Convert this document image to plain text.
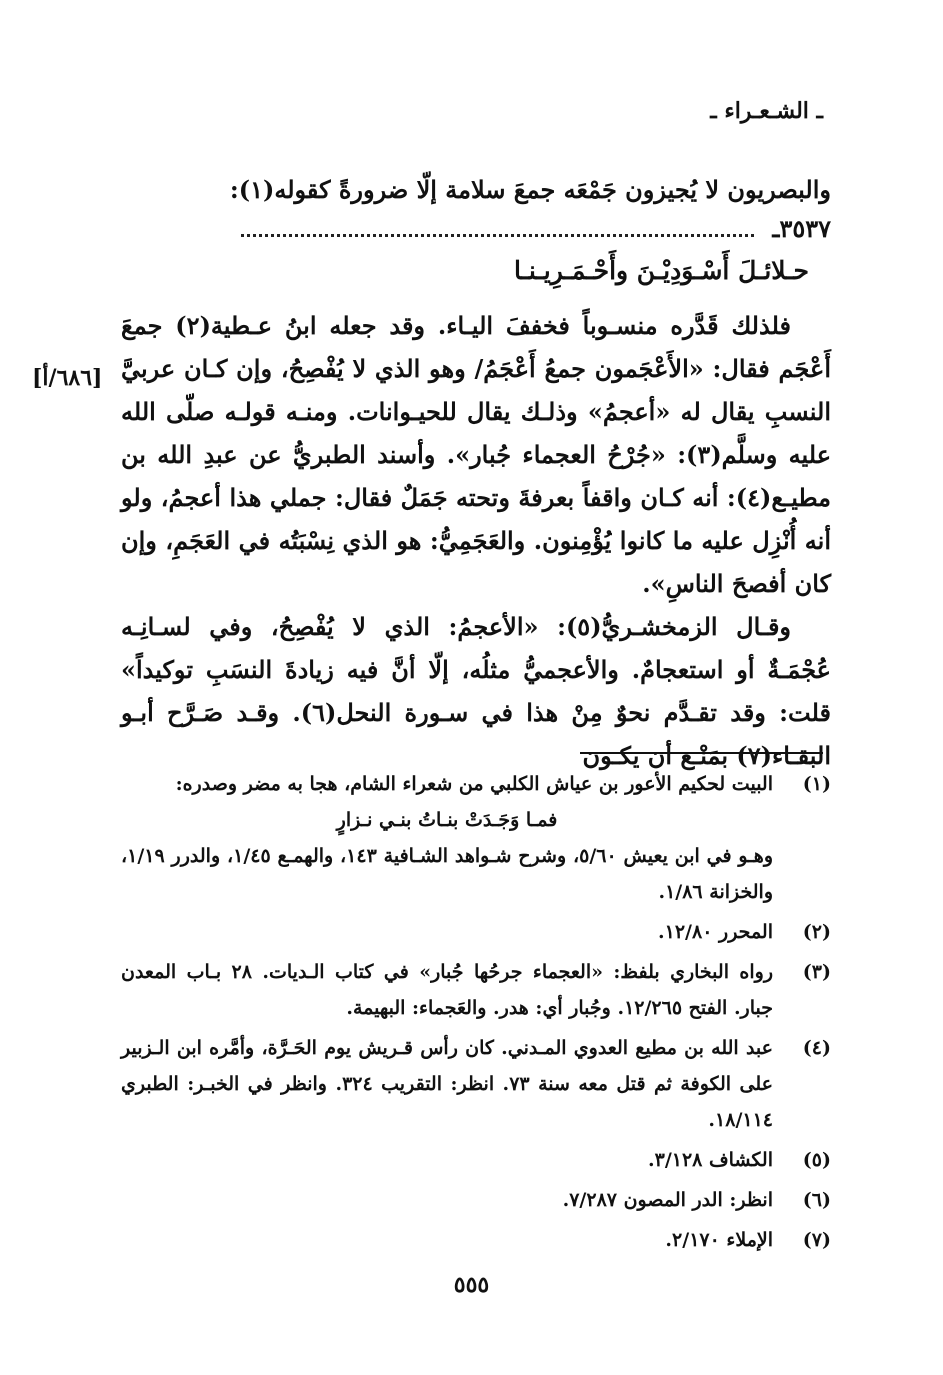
ـ الشـعـراء ـ
[٦٨٦/أ]

والبصريون لا يُجيزون جَمْعَه جمعَ سلامة إلّا ضرورةً كقوله(١):

٣٥٣٧ـ

حـلائـلَ أَسْـوَدِيْـنَ وأَحْـمَـرِيـنـا

فلذلك قَدَّره منسـوباً فخففَ اليـاء. وقد جعله ابنُ عـطية(٢) جمعَ أَعْجَم فقال: «الأَعْجَمون جمعُ أَعْجَمُ/ وهو الذي لا يُفْصِحُ، وإن كـان عربيَّ النسبِ يقال له «أعجمُ» وذلـك يقال للحيـوانات. ومنـه قولـه صلّى الله عليه وسلَّم(٣): «جُرْحُ العجماء جُبار». وأسند الطبريُّ عن عبدِ الله بن مطيـع(٤): أنه كـان واقفاً بعرفةَ وتحته جَمَلٌ فقال: جملي هذا أعجمُ، ولو أنه أُنْزِل عليه ما كانوا يُؤْمِنون. والعَجَمِيُّ: هو الذي نِسْبَتُه في العَجَمِ، وإن كان أفصحَ الناسِ».

وقـال الزمخشـريُّ(٥): «الأعجمُ: الذي لا يُفْصِحُ، وفي لسـانِـه عُجْمَـةٌ أو استعجامٌ. والأعجميُّ مثلُه، إلّا أنَّ فيه زيادةَ النسَبِ توكيداً» قلت: وقد تقـدَّم نحوٌ مِنْ هذا في سـورة النحل(٦). وقـد صَـرَّح أبـو البقـاء(٧) بمَنْـع أن يكـون

(١)
البيت لحكيم الأعور بن عياش الكلبي من شعراء الشام، هجا به مضر وصدره:
فمـا وَجَـدَتْ بنـاتُ بنـي نـزارٍ
وهـو في ابن يعيش ٥/٦٠، وشرح شـواهد الشـافية ١٤٣، والهمـع ١/٤٥، والدرر ١/١٩، والخزانة ١/٨٦.
(٢)
المحرر ١٢/٨٠.
(٣)
رواه البخاري بلفظ: «العجماء جرحُها جُبار» في كتاب الـديات. ٢٨ بـاب المعدن جبار. الفتح ١٢/٢٦٥. وجُبار أي: هدر. والعَجماء: البهيمة.
(٤)
عبد الله بن مطيع العدوي المـدني. كان رأس قـريش يوم الحَـرَّة، وأمَّره ابن الـزبير على الكوفة ثم قتل معه سنة ٧٣. انظر: التقريب ٣٢٤. وانظر في الخبـر: الطبري ١٨/١١٤.
(٥)
الكشاف ٣/١٢٨.
(٦)
انظر: الدر المصون ٧/٢٨٧.
(٧)
الإملاء ٢/١٧٠.
٥٥٥
